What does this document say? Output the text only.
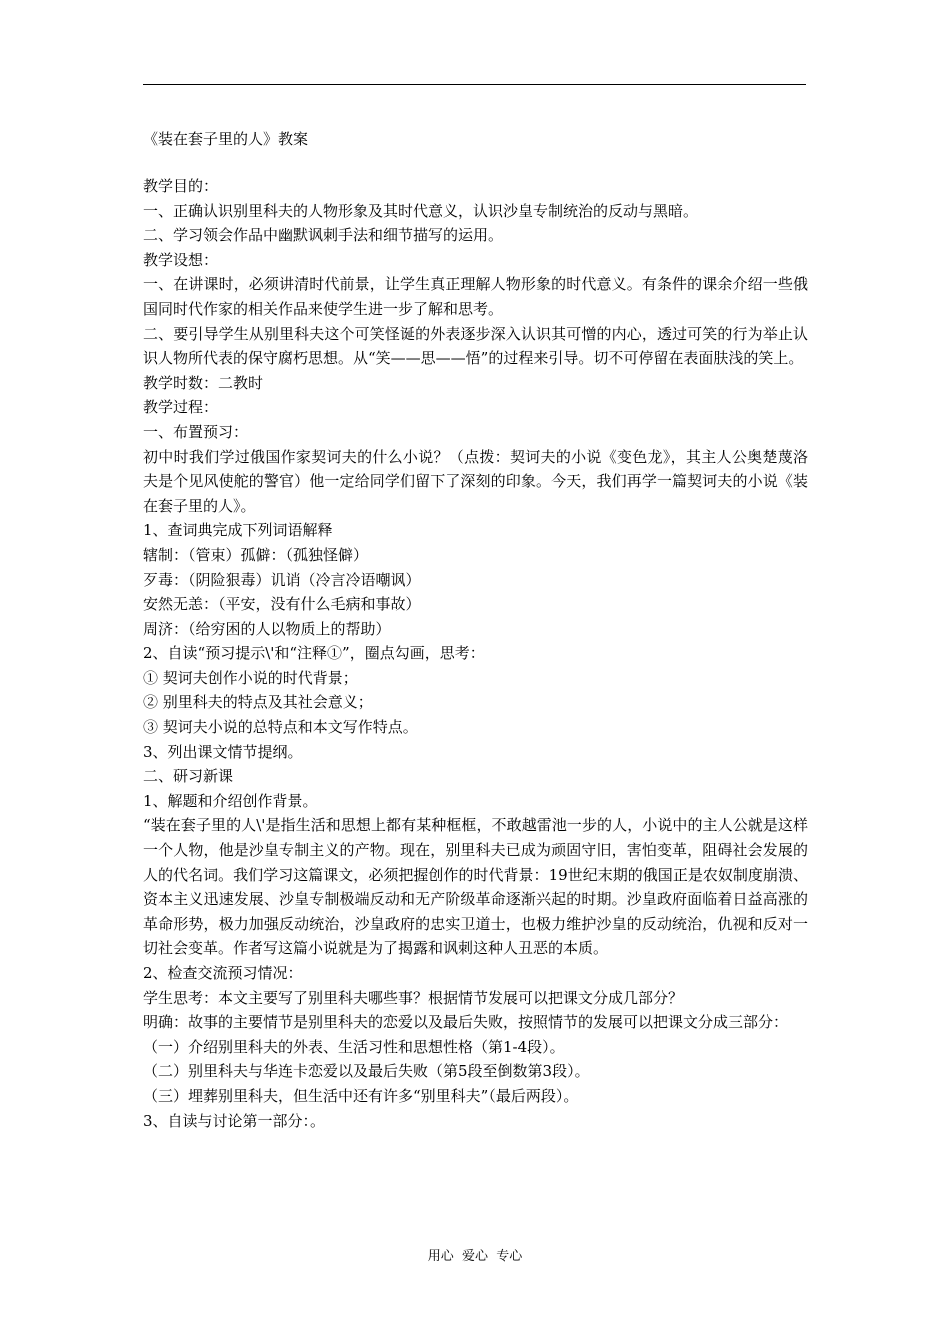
《装在套子里的人》教案

教学目的：

一、正确认识别里科夫的人物形象及其时代意义，认识沙皇专制统治的反动与黑暗。

二、学习领会作品中幽默讽刺手法和细节描写的运用。

教学设想：

一、在讲课时，必须讲清时代前景，让学生真正理解人物形象的时代意义。有条件的课余介绍一些俄国同时代作家的相关作品来使学生进一步了解和思考。

二、要引导学生从别里科夫这个可笑怪诞的外表逐步深入认识其可憎的内心，透过可笑的行为举止认识人物所代表的保守腐朽思想。从“笑——思——悟”的过程来引导。切不可停留在表面肤浅的笑上。

教学时数：二教时

教学过程：

一、布置预习：

初中时我们学过俄国作家契诃夫的什么小说？（点拨：契诃夫的小说《变色龙》，其主人公奥楚蔑洛夫是个见风使舵的警官）他一定给同学们留下了深刻的印象。今天，我们再学一篇契诃夫的小说《装在套子里的人》。

1、查词典完成下列词语解释

辖制：（管束）孤僻：（孤独怪僻）

歹毒：（阴险狠毒）讥诮（冷言冷语嘲讽）

安然无恙：（平安，没有什么毛病和事故）

周济：（给穷困的人以物质上的帮助）

2、自读“预习提示\'和“注释①”，圈点勾画，思考：

① 契诃夫创作小说的时代背景；

② 别里科夫的特点及其社会意义；

③ 契诃夫小说的总特点和本文写作特点。

3、列出课文情节提纲。

二、研习新课

1、解题和介绍创作背景。

“装在套子里的人\'是指生活和思想上都有某种框框，不敢越雷池一步的人，小说中的主人公就是这样一个人物，他是沙皇专制主义的产物。现在，别里科夫已成为顽固守旧，害怕变革，阻碍社会发展的人的代名词。我们学习这篇课文，必须把握创作的时代背景：19世纪末期的俄国正是农奴制度崩溃、资本主义迅速发展、沙皇专制极端反动和无产阶级革命逐渐兴起的时期。沙皇政府面临着日益高涨的革命形势，极力加强反动统治，沙皇政府的忠实卫道士，也极力维护沙皇的反动统治，仇视和反对一切社会变革。作者写这篇小说就是为了揭露和讽刺这种人丑恶的本质。

2、检查交流预习情况：

学生思考：本文主要写了别里科夫哪些事？根据情节发展可以把课文分成几部分？

明确：故事的主要情节是别里科夫的恋爱以及最后失败，按照情节的发展可以把课文分成三部分：

（一）介绍别里科夫的外表、生活习性和思想性格（第1-4段）。

（二）别里科夫与华连卡恋爱以及最后失败（第5段至倒数第3段）。

（三）埋葬别里科夫，但生活中还有许多“别里科夫”（最后两段）。

3、自读与讨论第一部分：。

用心  爱心  专心
